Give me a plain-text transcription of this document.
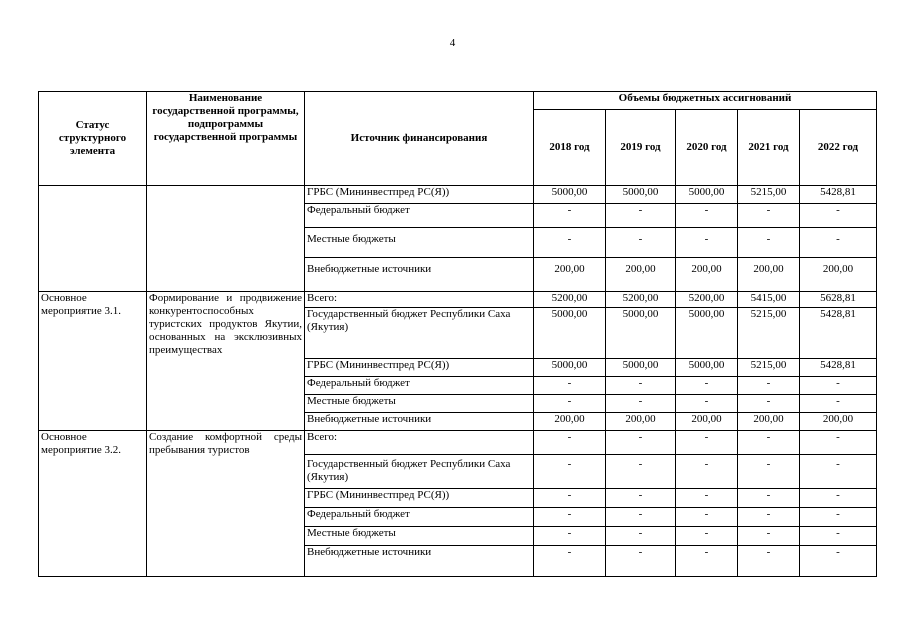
4
Статус структурного элемента	Наименование государственной программы, подпрограммы государственной программы	Источник финансирования	Объемы бюджетных ассигнований				
			2018 год	2019 год	2020 год	2021 год	2022 год
		ГРБС (Мининвестпред РС(Я))	5000,00	5000,00	5000,00	5215,00	5428,81
		Федеральный бюджет	-	-	-	-	-
		Местные бюджеты	-	-	-	-	-
		Внебюджетные источники	200,00	200,00	200,00	200,00	200,00
Основное мероприятие 3.1.	Формирование и продвижение конкурентоспособных туристских продуктов Якутии, основанных на эксклюзивных преимуществах	Всего:	5200,00	5200,00	5200,00	5415,00	5628,81
		Государственный бюджет Республики Саха (Якутия)	5000,00	5000,00	5000,00	5215,00	5428,81
		ГРБС (Мининвестпред РС(Я))	5000,00	5000,00	5000,00	5215,00	5428,81
		Федеральный бюджет	-	-	-	-	-
		Местные бюджеты	-	-	-	-	-
		Внебюджетные источники	200,00	200,00	200,00	200,00	200,00
Основное мероприятие 3.2.	Создание комфортной среды пребывания туристов	Всего:	-	-	-	-	-
		Государственный бюджет Республики Саха (Якутия)	-	-	-	-	-
		ГРБС (Мининвестпред РС(Я))	-	-	-	-	-
		Федеральный бюджет	-	-	-	-	-
		Местные бюджеты	-	-	-	-	-
		Внебюджетные источники	-	-	-	-	-
